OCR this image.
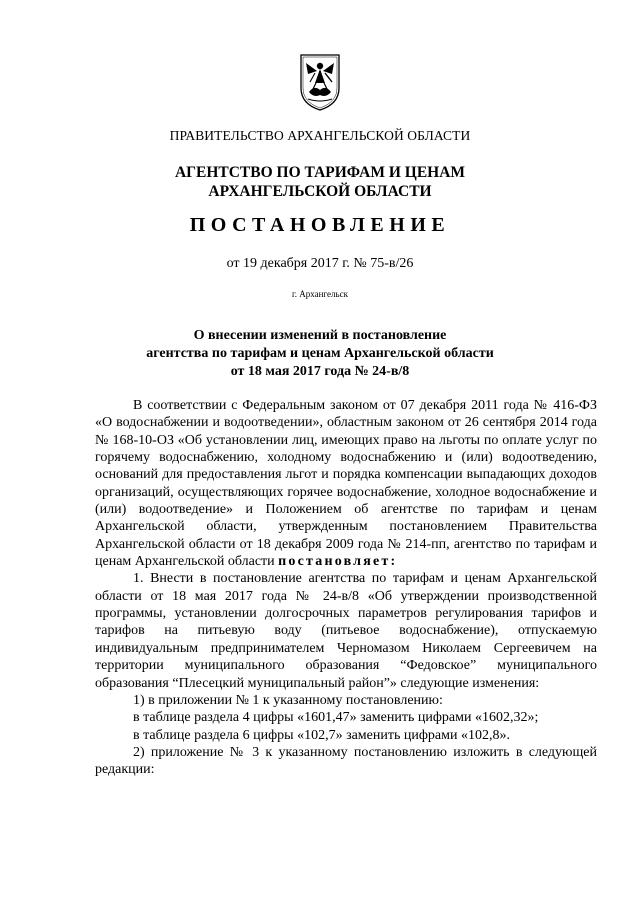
ПРАВИТЕЛЬСТВО АРХАНГЕЛЬСКОЙ ОБЛАСТИ
АГЕНТСТВО ПО ТАРИФАМ И ЦЕНАМ
АРХАНГЕЛЬСКОЙ ОБЛАСТИ
ПОСТАНОВЛЕНИЕ
от 19 декабря 2017 г. № 75-в/26
г. Архангельск
О внесении изменений в постановление
агентства по тарифам и ценам Архангельской области
от 18 мая 2017 года № 24-в/8

В соответствии с Федеральным законом от 07 декабря 2011 года № 416-ФЗ «О водоснабжении и водоотведении», областным законом от 26 сентября 2014 года № 168-10-ОЗ «Об установлении лиц, имеющих право на льготы по оплате услуг по горячему водоснабжению, холодному водоснабжению и (или) водоотведению, оснований для предоставления льгот и порядка компенсации выпадающих доходов организаций, осуществляющих горячее водоснабжение, холодное водоснабжение и (или) водоотведение» и Положением об агентстве по тарифам и ценам Архангельской области, утвержденным постановлением Правительства Архангельской области от 18 декабря 2009 года № 214-пп, агентство по тарифам и ценам Архангельской области постановляет:

1. Внести в постановление агентства по тарифам и ценам Архангельской области от 18 мая 2017 года № 24-в/8 «Об утверждении производственной программы, установлении долгосрочных параметров регулирования тарифов и тарифов на питьевую воду (питьевое водоснабжение), отпускаемую индивидуальным предпринимателем Черномазом Николаем Сергеевичем на территории муниципального образования “Федовское” муниципального образования “Плесецкий муниципальный район”» следующие изменения:

1) в приложении № 1 к указанному постановлению:

в таблице раздела 4 цифры «1601,47» заменить цифрами «1602,32»;

в таблице раздела 6 цифры «102,7» заменить цифрами «102,8».

2) приложение № 3 к указанному постановлению изложить в следующей редакции:
